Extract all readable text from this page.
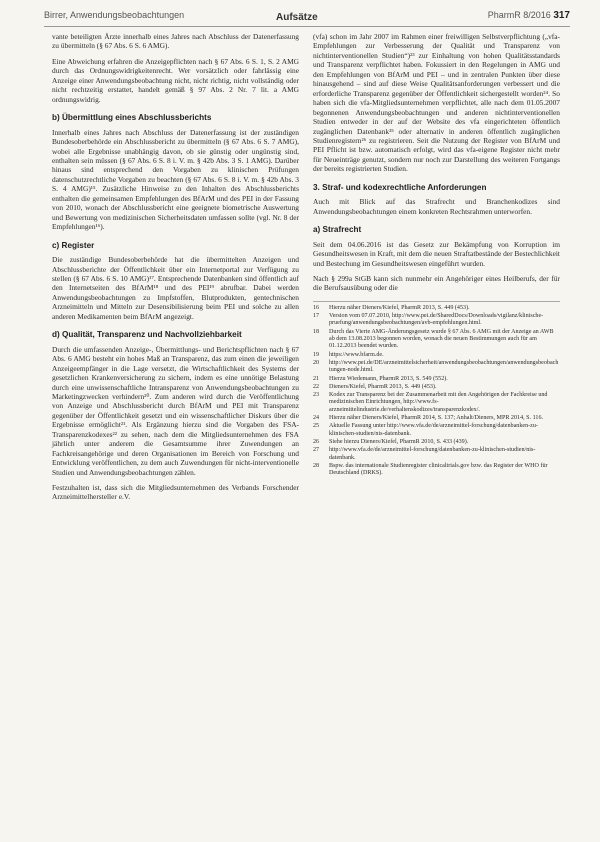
Birrer, Anwendungsbeobachtungen	Aufsätze	PharmR 8/2016 317

vante beteiligten Ärzte innerhalb eines Jahres nach Abschluss der Datenerfassung zu übermitteln (§ 67 Abs. 6 S. 6 AMG).

Eine Abweichung erfahren die Anzeigepflichten nach § 67 Abs. 6 S. 1, S. 2 AMG durch das Ordnungswidrigkeitenrecht. Wer vorsätzlich oder fahrlässig eine Anzeige einer Anwendungsbeobachtung nicht, nicht richtig, nicht vollständig oder nicht rechtzeitig erstattet, handelt gemäß § 97 Abs. 2 Nr. 7 lit. a AMG ordnungswidrig.

b) Übermittlung eines Abschlussberichts

Innerhalb eines Jahres nach Abschluss der Datenerfassung ist der zuständigen Bundesoberbehörde ein Abschlussbericht zu übermitteln (§ 67 Abs. 6 S. 7 AMG), wobei alle Ergebnisse unabhängig davon, ob sie günstig oder ungünstig sind, enthalten sein müssen (§ 67 Abs. 6 S. 8 i. V. m. § 42b Abs. 3 S. 1 AMG). Darüber hinaus sind entsprechend den Vorgaben zu klinischen Prüfungen datenschutzrechtliche Vorgaben zu beachten (§ 67 Abs. 6 S. 8 i. V. m. § 42b Abs. 3 S. 4 AMG)¹⁵. Zusätzliche Hinweise zu den Inhalten des Abschlussberichts enthalten die gemeinsamen Empfehlungen des BfArM und des PEI in der Fassung von 2010, wonach der Abschlussbericht eine geeignete biometrische Auswertung und Bewertung von medizinischen Sicherheitsdaten umfassen sollte (vgl. Nr. 8 der Empfehlungen¹⁶).

c) Register

Die zuständige Bundesoberbehörde hat die übermittelten Anzeigen und Abschlussberichte der Öffentlichkeit über ein Internetportal zur Verfügung zu stellen (§ 67 Abs. 6 S. 10 AMG)¹⁷. Entsprechende Datenbanken sind öffentlich auf den Internetseiten des BfArM¹⁸ und des PEI¹⁹ abrufbar. Dabei werden Anwendungsbeobachtungen zu Impfstoffen, Blutprodukten, gentechnischen Arzneimitteln und Mitteln zur Desensibilisierung beim PEI und solche zu allen anderen Medikamenten beim BfArM angezeigt.

d) Qualität, Transparenz und Nachvollziehbarkeit

Durch die umfassenden Anzeige-, Übermittlungs- und Berichtspflichten nach § 67 Abs. 6 AMG besteht ein hohes Maß an Transparenz, das zum einen die jeweiligen Anzeigeempfänger in die Lage versetzt, die Wirtschaftlichkeit des Systems der gesetzlichen Krankenversicherung zu sichern, indem es eine unnötige Belastung durch eine unwissenschaftliche Intransparenz von Anwendungsbeobachtungen zu Marketingzwecken verhindern²⁰. Zum anderen wird durch die Veröffentlichung von Anzeige und Abschlussbericht durch BfArM und PEI mit Transparenz gegenüber der Öffentlichkeit gesetzt und ein wissenschaftlicher Diskurs über die Ergebnisse ermöglicht²¹. Als Ergänzung hierzu sind die Vorgaben des FSA-Transparenzkodexes²² zu sehen, nach dem die Mitgliedsunternehmen des FSA jährlich unter anderem die Gesamtsumme ihrer Zuwendungen an Fachkreisangehörige und deren Organisationen im Bereich von Forschung und Entwicklung veröffentlichen, zu dem auch Zuwendungen für nicht-interventionelle Studien und Anwendungsbeobachtungen zählen.

Festzuhalten ist, dass sich die Mitgliedsunternehmen des Verbands Forschender Arzneimittelhersteller e.V.

(vfa) schon im Jahr 2007 im Rahmen einer freiwilligen Selbstverpflichtung („vfa-Empfehlungen zur Verbesserung der Qualität und Transparenz von nichtinterventionellen Studien“)²³ zur Einhaltung von hohen Qualitätsstandards und Transparenz verpflichtet haben. Fokussiert in den Regelungen in AMG und den Empfehlungen von BfArM und PEI – und in zentralen Punkten über diese hinausgehend – sind auf diese Weise Qualitätsanforderungen verbessert und die erforderliche Transparenz gegenüber der Öffentlichkeit sichergestellt worden²⁴. So haben sich die vfa-Mitgliedsunternehmen verpflichtet, alle nach dem 01.05.2007 begonnenen Anwendungsbeobachtungen und anderen nichtinterventionellen Studien entweder in der auf der Website des vfa eingerichteten öffentlich zugänglichen Datenbank²⁵ oder alternativ in anderen öffentlich zugänglichen Studienregistern²⁶ zu registrieren. Seit die Nutzung der Register von BfArM und PEI Pflicht ist bzw. automatisch erfolgt, wird das vfa-eigene Register nicht mehr für Neueinträge genutzt, sondern nur noch zur Darstellung des weiteren Fortgangs der bereits registrierten Studien.

3. Straf- und kodexrechtliche Anforderungen

Auch mit Blick auf das Strafrecht und Branchenkodizes sind Anwendungsbeobachtungen einem konkreten Rechtsrahmen unterworfen.

a) Strafrecht

Seit dem 04.06.2016 ist das Gesetz zur Bekämpfung von Korruption im Gesundheitswesen in Kraft, mit dem die neuen Straftatbestände der Bestechlichkeit und Bestechung im Gesundheitswesen eingeführt wurden.

Nach § 299a StGB kann sich nunmehr ein Angehöriger eines Heilberufs, der für die Berufsausübung oder die

16	Hierzu näher Dieners/Kiefel, PharmR 2013, S. 449 (453).
17	Version vom 07.07.2010, http://www.pei.de/SharedDocs/Downloads/vigilanz/klinische-pruefung/anwendungsbeobachtungen/avb-empfehlungen.html.
18	Durch das Vierte AMG-Änderungsgesetz wurde § 67 Abs. 6 AMG mit der Anzeige an AWB ab dem 13.08.2013 begonnen worden, wonach die neuen Bestimmungen auch für am 01.12.2013 beendet wurden.
19	https://www.bfarm.de.
20	http://www.pei.de/DE/arzneimittelsicherheit/anwendungsbeobachtungen/anwendungsbeobachtungen-node.html.
21	Hierzu Wiedemann, PharmR 2013, S. 549 (552).
22	Dieners/Kiefel, PharmR 2013, S. 449 (453).
23	Kodex zur Transparenz bei der Zusammenarbeit mit den Angehörigen der Fachkreise und medizinischen Einrichtungen, http://www.fs-arzneimittelindustrie.de/verhaltenskodizes/transparenzkodex/.
24	Hierzu näher Dieners/Kiefel, PharmR 2014, S. 137; Anhalt/Dieners, MPR 2014, S. 116.
25	Aktuelle Fassung unter http://www.vfa.de/de/arzneimittel-forschung/datenbanken-zu-klinischen-studien/nis-datenbank.
26	Siehe hierzu Dieners/Kiefel, PharmR 2010, S. 433 (439).
27	http://www.vfa.de/de/arzneimittel-forschung/datenbanken-zu-klinischen-studien/nis-datenbank.
28	Bspw. das internationale Studienregister clinicaltrials.gov bzw. das Register der WHO für Deutschland (DRKS).
